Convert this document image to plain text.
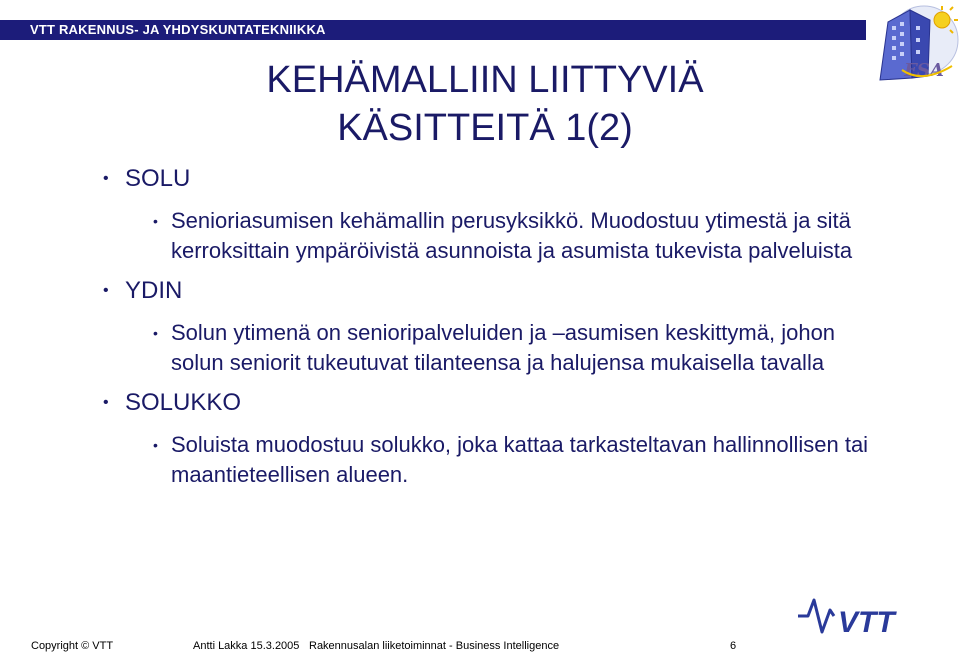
VTT RAKENNUS- JA YHDYSKUNTATEKNIIKKA
FSA
KEHÄMALLIIN LIITTYVIÄ
KÄSITTEITÄ 1(2)

• SOLU

• Senioriasumisen kehämallin perusyksikkö. Muodostuu ytimestä ja sitä kerroksittain ympäröivistä asunnoista ja asumista tukevista palveluista

• YDIN

• Solun ytimenä on senioripalveluiden ja –asumisen keskittymä, johon solun seniorit tukeutuvat tilanteensa ja halujensa mukaisella tavalla

• SOLUKKO

• Soluista muodostuu solukko, joka kattaa tarkasteltavan hallinnollisen tai maantieteellisen alueen.
VTT
Copyright © VTT	Antti Lakka 15.3.2005 Rakennusalan liiketoiminnat - Business Intelligence	6
